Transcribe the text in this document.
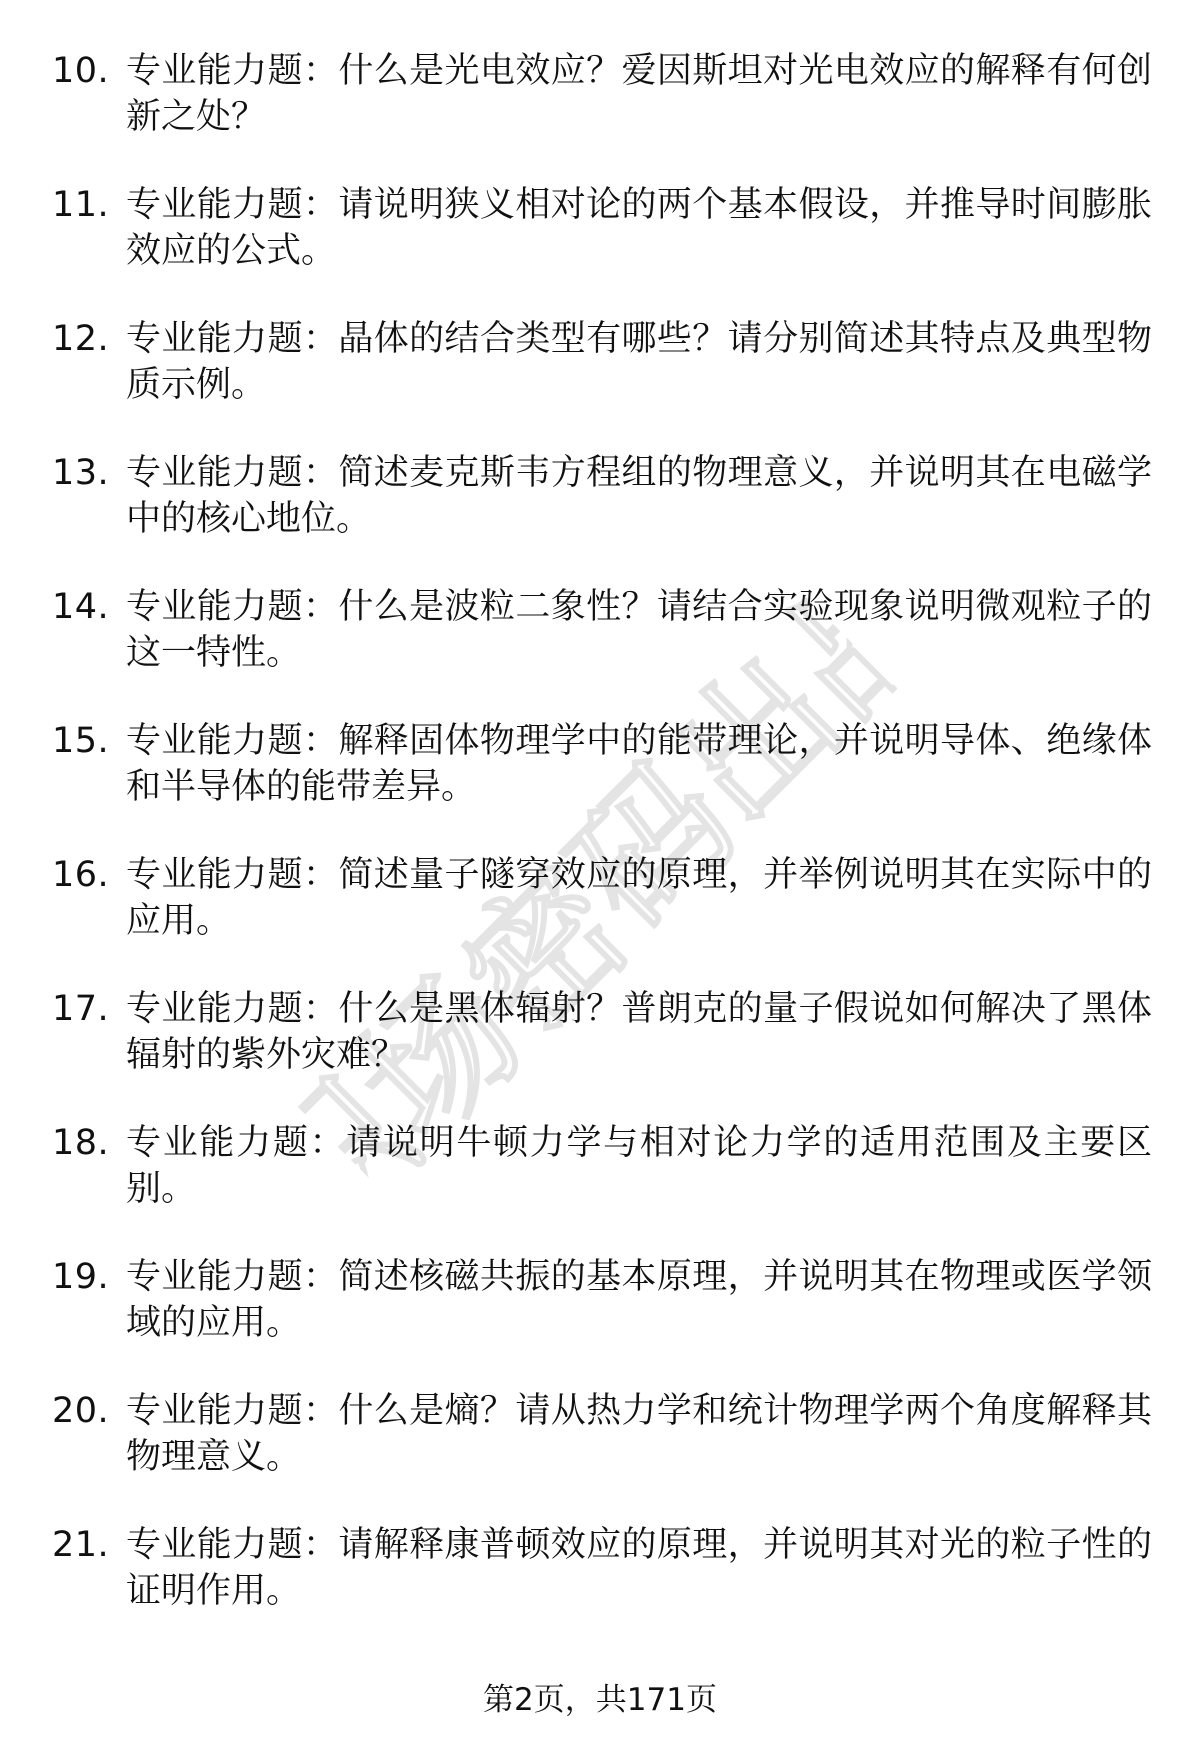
职场密码出品
10. 专业能力题：什么是光电效应？爱因斯坦对光电效应的解释有何创新之处？
11. 专业能力题：请说明狭义相对论的两个基本假设，并推导时间膨胀效应的公式。
12. 专业能力题：晶体的结合类型有哪些？请分别简述其特点及典型物质示例。
13. 专业能力题：简述麦克斯韦方程组的物理意义，并说明其在电磁学中的核心地位。
14. 专业能力题：什么是波粒二象性？请结合实验现象说明微观粒子的这一特性。
15. 专业能力题：解释固体物理学中的能带理论，并说明导体、绝缘体和半导体的能带差异。
16. 专业能力题：简述量子隧穿效应的原理，并举例说明其在实际中的应用。
17. 专业能力题：什么是黑体辐射？普朗克的量子假说如何解决了黑体辐射的紫外灾难？
18. 专业能力题：请说明牛顿力学与相对论力学的适用范围及主要区别。
19. 专业能力题：简述核磁共振的基本原理，并说明其在物理或医学领域的应用。
20. 专业能力题：什么是熵？请从热力学和统计物理学两个角度解释其物理意义。
21. 专业能力题：请解释康普顿效应的原理，并说明其对光的粒子性的证明作用。
第2页，共171页
